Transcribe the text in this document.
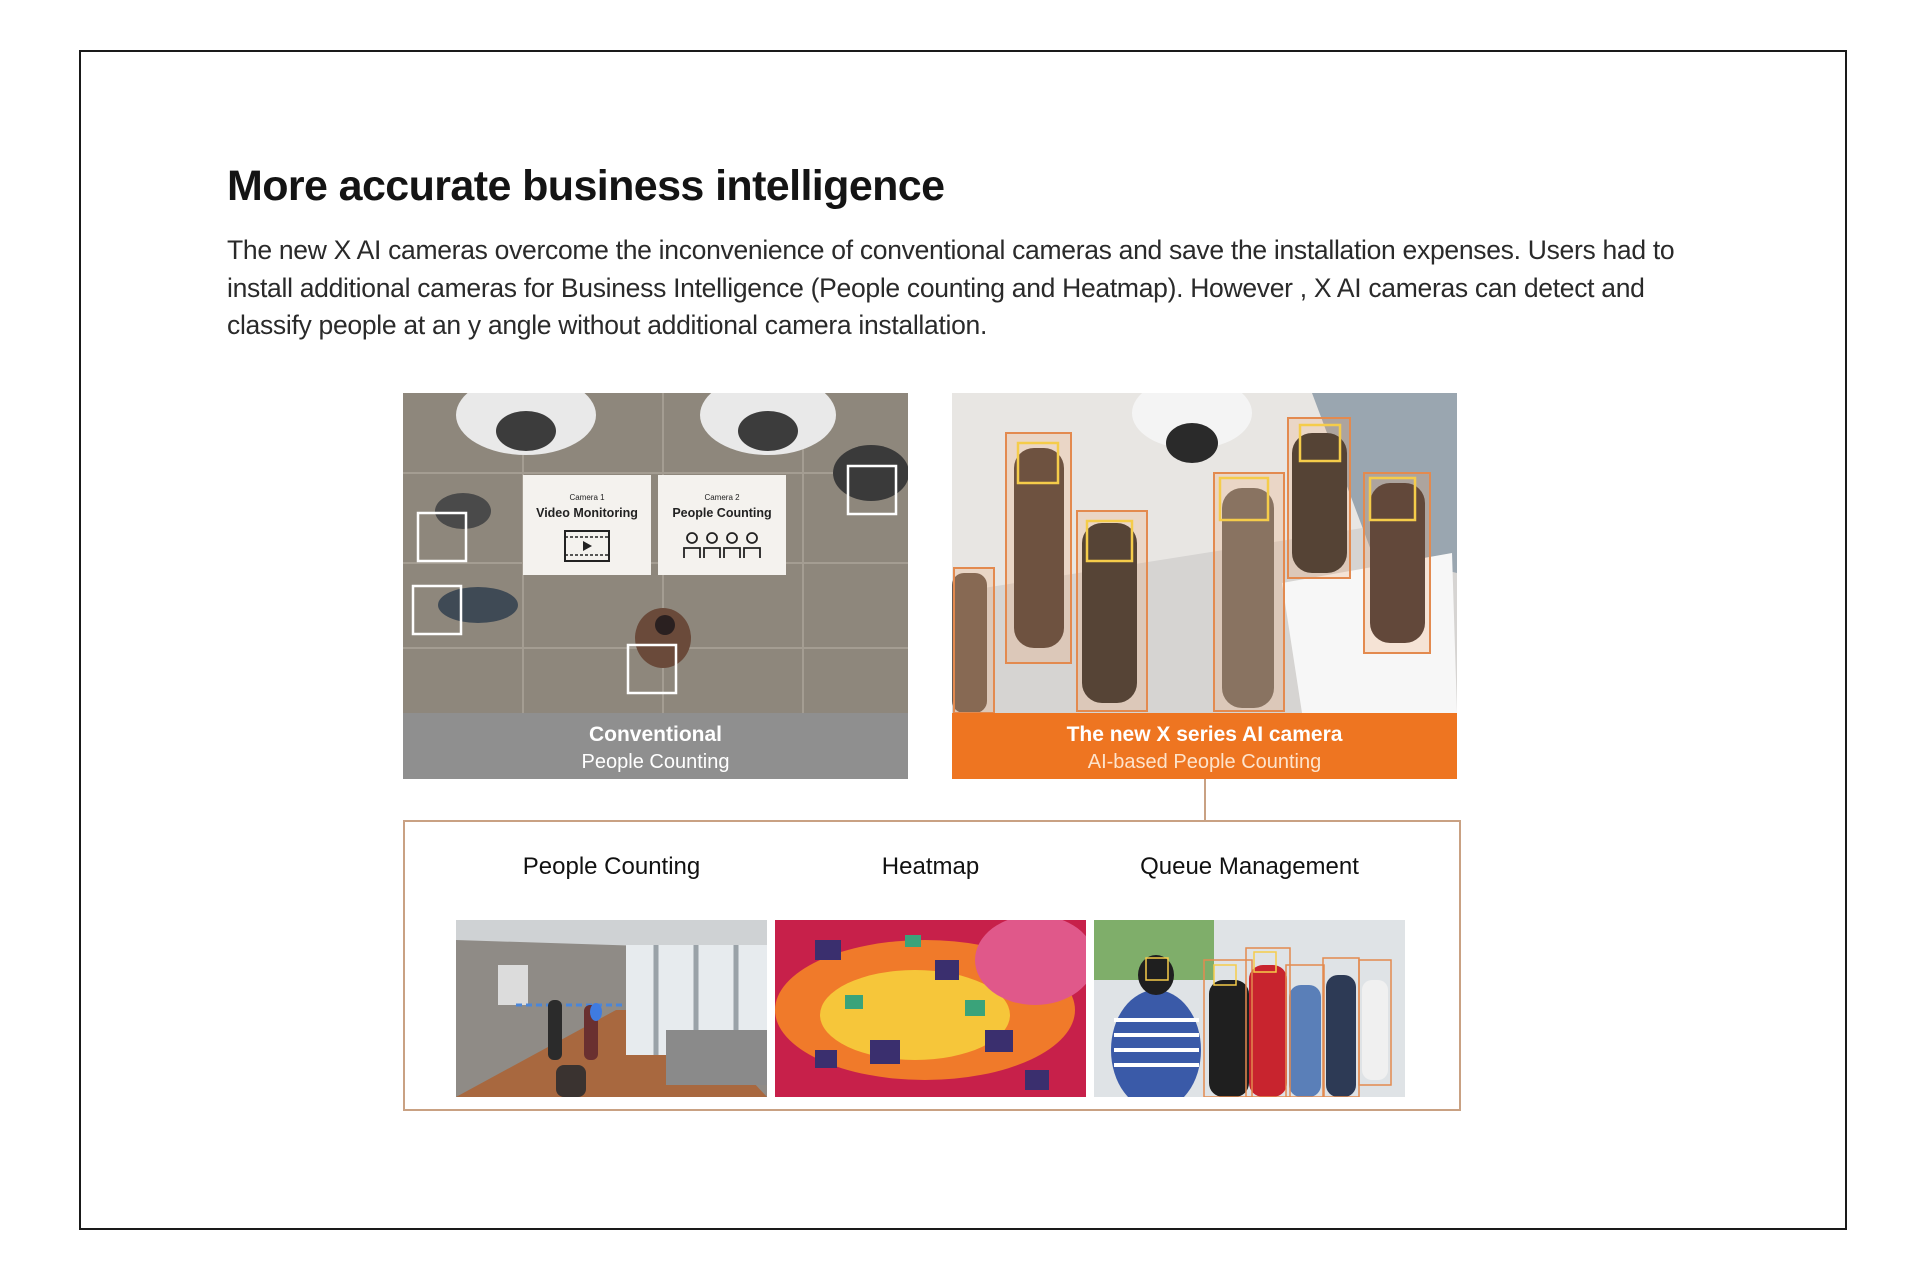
More accurate business intelligence

The new X AI cameras overcome the inconvenience of conventional cameras and save the installation expenses. Users had to install additional cameras for Business Intelligence (People counting and Heatmap). However , X AI cameras can detect and classify people at an y angle without additional camera installation.

Camera 1
Video Monitoring
Camera 2
People Counting
Conventional
People Counting
The new X series AI camera
AI-based People Counting
People Counting	Heatmap	Queue Management
